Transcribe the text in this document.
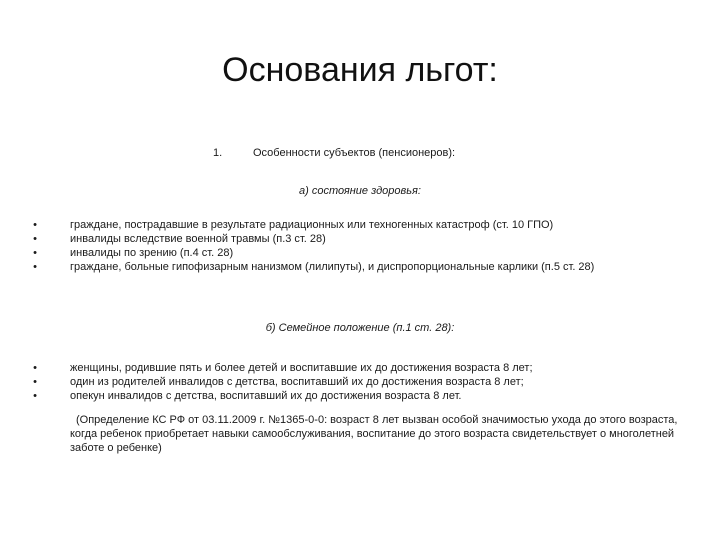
Основания льгот:
1.	Особенности субъектов (пенсионеров):
а) состояние здоровья:
•	граждане, пострадавшие в результате радиационных или техногенных катастроф (ст. 10 ГПО)
•	инвалиды вследствие военной травмы (п.3 ст. 28)
•	инвалиды по зрению (п.4 ст. 28)
•	граждане, больные гипофизарным нанизмом (лилипуты), и диспропорциональные карлики (п.5 ст. 28)
б) Семейное положение (п.1 ст. 28):
•	женщины, родившие пять и более детей и воспитавшие их до достижения возраста 8 лет;
•	один из родителей инвалидов с детства, воспитавший их до достижения возраста 8 лет;
•	опекун инвалидов с детства, воспитавший их до достижения возраста 8 лет.
(Определение КС РФ от 03.11.2009 г. №1365-0-0: возраст 8 лет вызван особой значимостью ухода до этого возраста, когда ребенок приобретает навыки самообслуживания, воспитание до этого возраста свидетельствует о многолетней заботе о ребенке)
